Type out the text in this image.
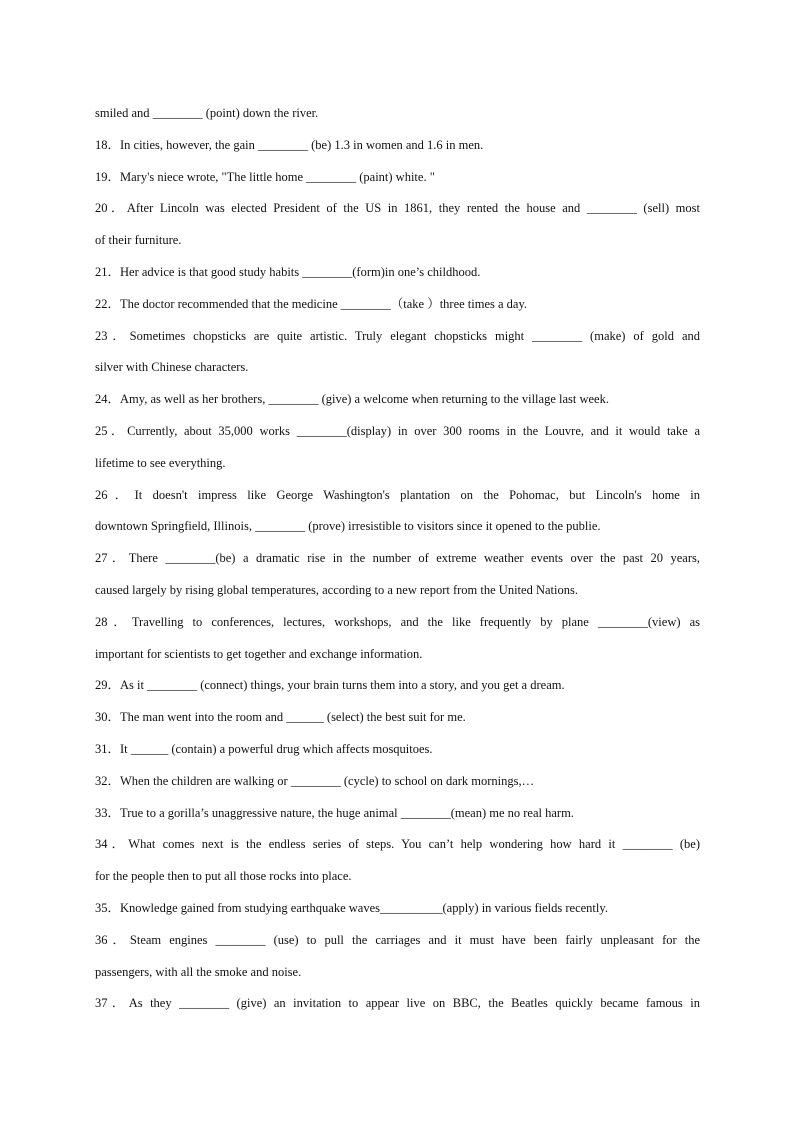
smiled and ________ (point) down the river.
18．In cities, however, the gain ________ (be) 1.3 in women and 1.6 in men.
19．Mary's niece wrote, "The little home ________ (paint) white. "
20．After Lincoln was elected President of the US in 1861, they rented the house and ________ (sell) most
of their furniture.
21．Her advice is that good study habits ________(form)in one’s childhood.
22．The doctor recommended that the medicine ________（take ）three times a day.
23．Sometimes chopsticks are quite artistic. Truly elegant chopsticks might ________ (make) of gold and
silver with Chinese characters.
24．Amy, as well as her brothers, ________ (give) a welcome when returning to the village last week.
25．Currently, about 35,000 works ________(display) in over 300 rooms in the Louvre, and it would take a
lifetime to see everything.
26．It doesn't impress like George Washington's plantation on the Pohomac, but Lincoln's home in
downtown Springfield, Illinois, ________ (prove) irresistible to visitors since it opened to the publie.
27．There ________(be) a dramatic rise in the number of extreme weather events over the past 20 years,
caused largely by rising global temperatures, according to a new report from the United Nations.
28．Travelling to conferences, lectures, workshops, and the like frequently by plane ________(view) as
important for scientists to get together and exchange information.
29．As it ________ (connect) things, your brain turns them into a story, and you get a dream.
30．The man went into the room and ______ (select) the best suit for me.
31．It ______ (contain) a powerful drug which affects mosquitoes.
32．When the children are walking or ________ (cycle) to school on dark mornings,…
33．True to a gorilla’s unaggressive nature, the huge animal ________(mean) me no real harm.
34．What comes next is the endless series of steps. You can’t help wondering how hard it ________ (be)
for the people then to put all those rocks into place.
35．Knowledge gained from studying earthquake waves__________(apply) in various fields recently.
36．Steam engines ________ (use) to pull the carriages and it must have been fairly unpleasant for the
passengers, with all the smoke and noise.
37．As they ________ (give) an invitation to appear live on BBC, the Beatles quickly became famous in
